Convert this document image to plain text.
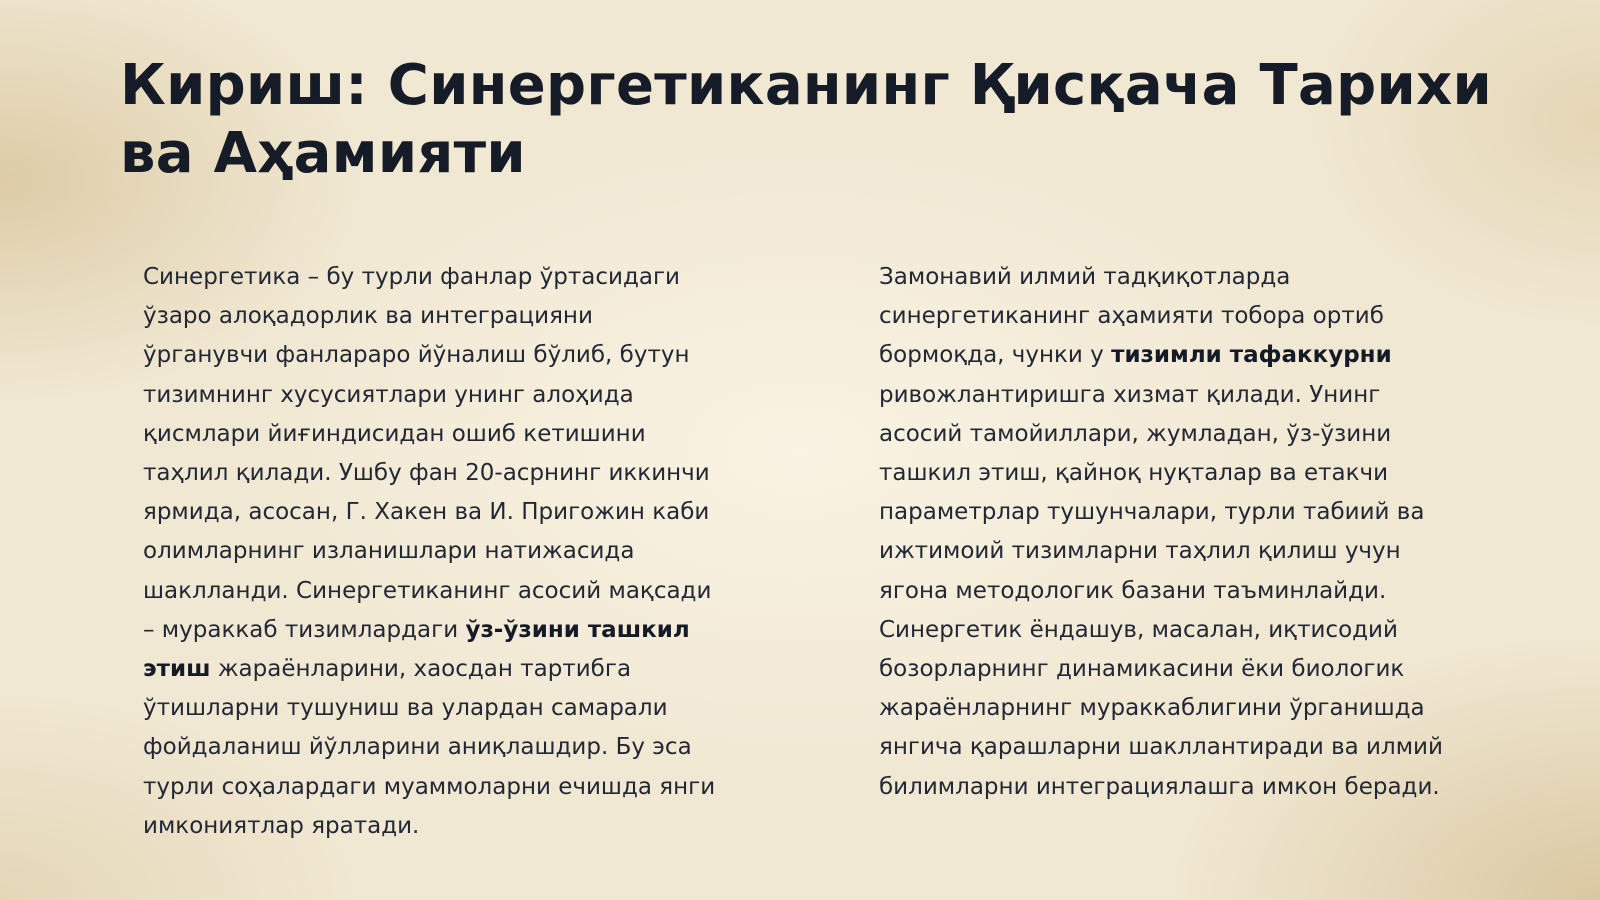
Кириш: Синергетиканинг Қисқача Тарихи ва Аҳамияти

Синергетика – бу турли фанлар ўртасидаги ўзаро алоқадорлик ва интеграцияни ўрганувчи фанлараро йўналиш бўлиб, бутун тизимнинг хусусиятлари унинг алоҳида қисмлари йиғиндисидан ошиб кетишини таҳлил қилади. Ушбу фан 20-асрнинг иккинчи ярмида, асосан, Г. Хакен ва И. Пригожин каби олимларнинг изланишлари натижасида шаклланди. Синергетиканинг асосий мақсади – мураккаб тизимлардаги ўз-ўзини ташкил этиш жараёнларини, хаосдан тартибга ўтишларни тушуниш ва улардан самарали фойдаланиш йўлларини аниқлашдир. Бу эса турли соҳалардаги муаммоларни ечишда янги имкониятлар яратади.

Замонавий илмий тадқиқотларда синергетиканинг аҳамияти тобора ортиб бормоқда, чунки у тизимли тафаккурни ривожлантиришга хизмат қилади. Унинг асосий тамойиллари, жумладан, ўз-ўзини ташкил этиш, қайноқ нуқталар ва етакчи параметрлар тушунчалари, турли табиий ва ижтимоий тизимларни таҳлил қилиш учун ягона методологик базани таъминлайди. Синергетик ёндашув, масалан, иқтисодий бозорларнинг динамикасини ёки биологик жараёнларнинг мураккаблигини ўрганишда янгича қарашларни шакллантиради ва илмий билимларни интеграциялашга имкон беради.
